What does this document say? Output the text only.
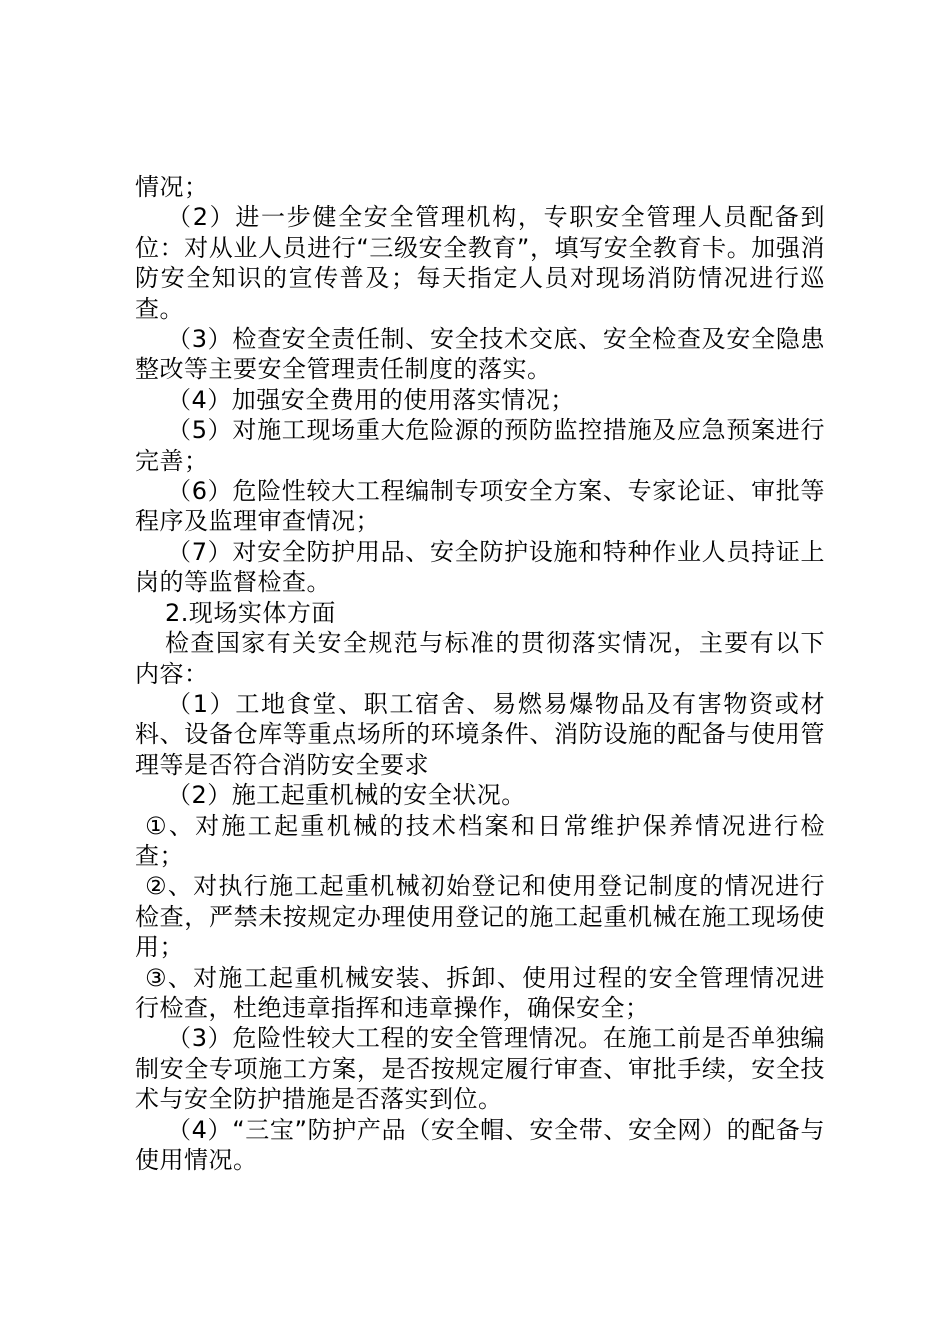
情况；

（2）进一步健全安全管理机构，专职安全管理人员配备到位：对从业人员进行“三级安全教育”，填写安全教育卡。加强消防安全知识的宣传普及；每天指定人员对现场消防情况进行巡查。

（3）检查安全责任制、安全技术交底、安全检查及安全隐患整改等主要安全管理责任制度的落实。

（4）加强安全费用的使用落实情况；

（5）对施工现场重大危险源的预防监控措施及应急预案进行完善；

（6）危险性较大工程编制专项安全方案、专家论证、审批等程序及监理审查情况；

（7）对安全防护用品、安全防护设施和特种作业人员持证上岗的等监督检查。

2.现场实体方面

检查国家有关安全规范与标准的贯彻落实情况，主要有以下内容：

（1）工地食堂、职工宿舍、易燃易爆物品及有害物资或材料、设备仓库等重点场所的环境条件、消防设施的配备与使用管理等是否符合消防安全要求

（2）施工起重机械的安全状况。

①、对施工起重机械的技术档案和日常维护保养情况进行检查；

②、对执行施工起重机械初始登记和使用登记制度的情况进行检查，严禁未按规定办理使用登记的施工起重机械在施工现场使用；

③、对施工起重机械安装、拆卸、使用过程的安全管理情况进行检查，杜绝违章指挥和违章操作，确保安全；

（3）危险性较大工程的安全管理情况。在施工前是否单独编制安全专项施工方案，是否按规定履行审查、审批手续，安全技术与安全防护措施是否落实到位。

（4）“三宝”防护产品（安全帽、安全带、安全网）的配备与使用情况。
